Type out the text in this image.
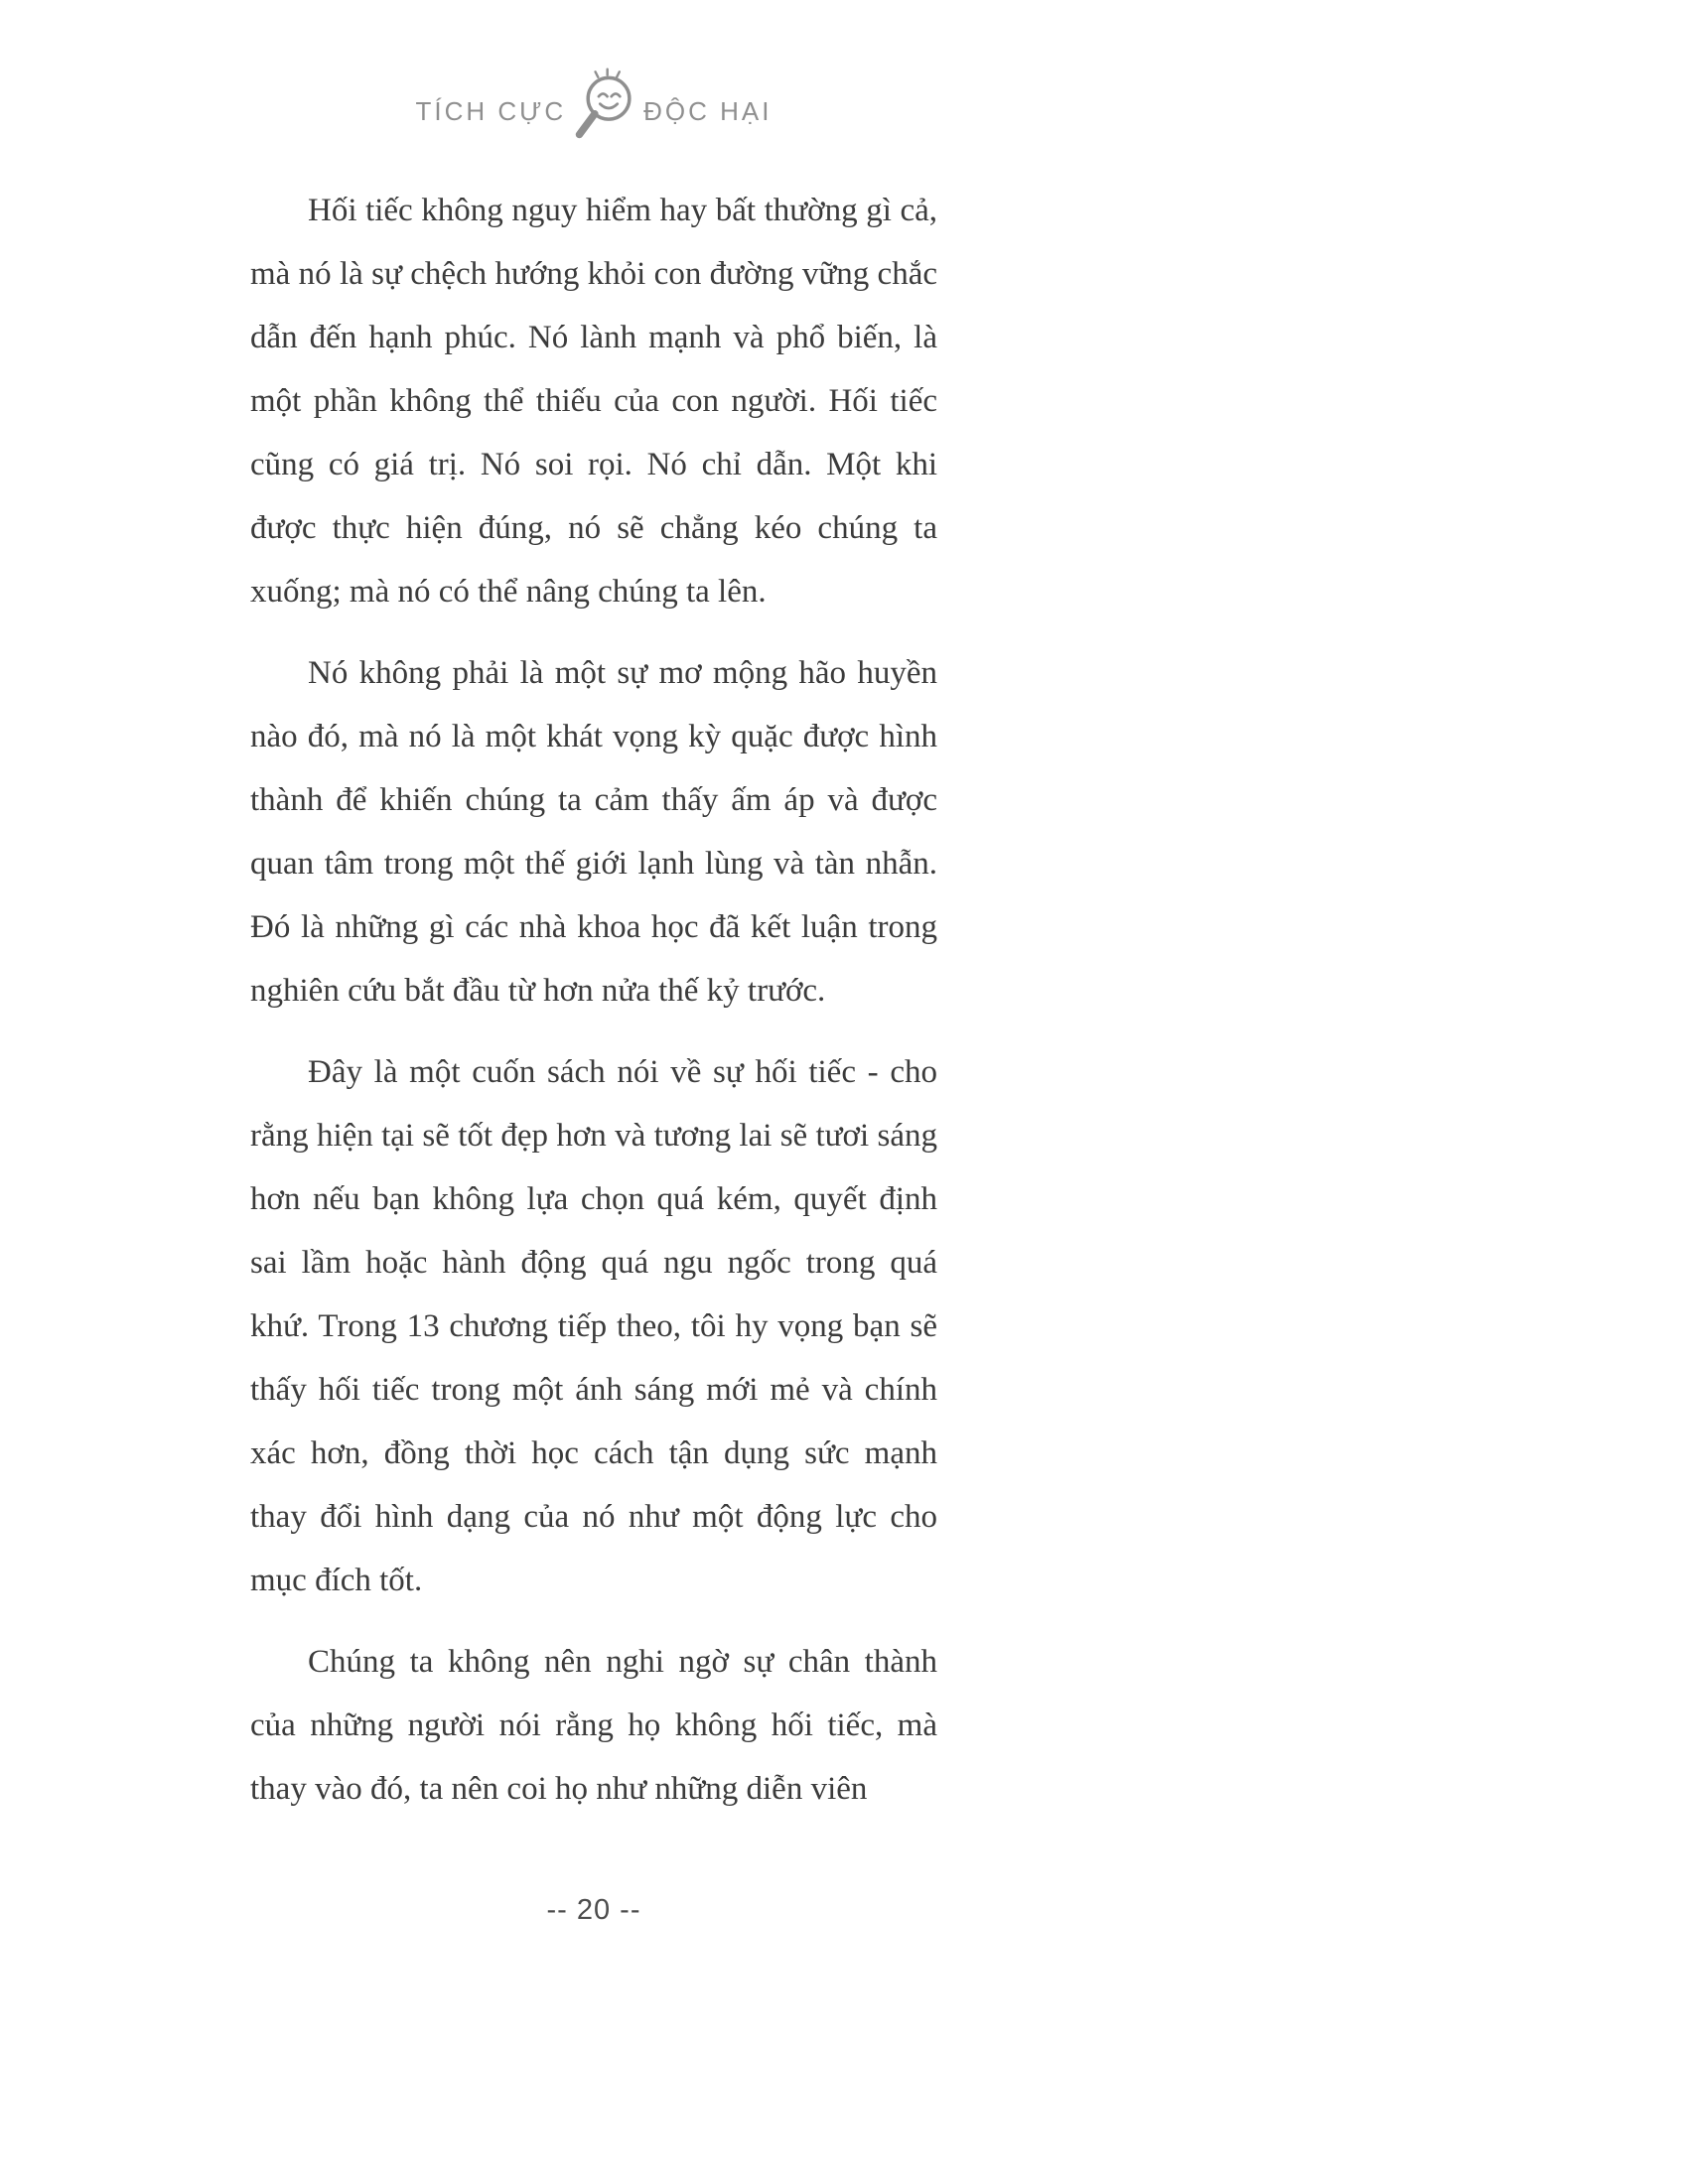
TÍCH CỰC	ĐỘC HẠI

Hối tiếc không nguy hiểm hay bất thường gì cả, mà nó là sự chệch hướng khỏi con đường vững chắc dẫn đến hạnh phúc. Nó lành mạnh và phổ biến, là một phần không thể thiếu của con người. Hối tiếc cũng có giá trị. Nó soi rọi. Nó chỉ dẫn. Một khi được thực hiện đúng, nó sẽ chẳng kéo chúng ta xuống; mà nó có thể nâng chúng ta lên.

Nó không phải là một sự mơ mộng hão huyền nào đó, mà nó là một khát vọng kỳ quặc được hình thành để khiến chúng ta cảm thấy ấm áp và được quan tâm trong một thế giới lạnh lùng và tàn nhẫn. Đó là những gì các nhà khoa học đã kết luận trong nghiên cứu bắt đầu từ hơn nửa thế kỷ trước.

Đây là một cuốn sách nói về sự hối tiếc - cho rằng hiện tại sẽ tốt đẹp hơn và tương lai sẽ tươi sáng hơn nếu bạn không lựa chọn quá kém, quyết định sai lầm hoặc hành động quá ngu ngốc trong quá khứ. Trong 13 chương tiếp theo, tôi hy vọng bạn sẽ thấy hối tiếc trong một ánh sáng mới mẻ và chính xác hơn, đồng thời học cách tận dụng sức mạnh thay đổi hình dạng của nó như một động lực cho mục đích tốt.

Chúng ta không nên nghi ngờ sự chân thành của những người nói rằng họ không hối tiếc, mà thay vào đó, ta nên coi họ như những diễn viên

-- 20 --
